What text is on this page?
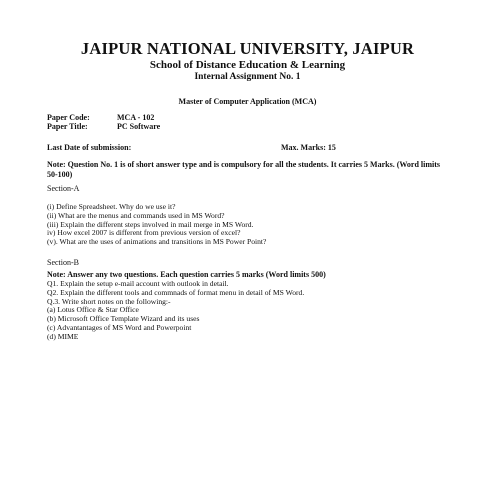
JAIPUR NATIONAL UNIVERSITY, JAIPUR
School of Distance Education & Learning
Internal Assignment No. 1
Master of Computer Application (MCA)
Paper Code:	MCA - 102
Paper Title:	PC Software
Last Date of submission:	Max. Marks: 15
Note: Question No. 1 is of short answer type and is compulsory for all the students. It carries 5 Marks. (Word limits 50-100)
Section-A
(i) Define Spreadsheet. Why do we use it?
(ii) What are the menus and commands used in MS Word?
(iii) Explain the different steps involved in mail merge in MS Word.
iv) How excel 2007 is different from previous version of excel?
(v). What are the uses of animations and transitions in MS Power Point?
Section-B
Note: Answer any two questions. Each question carries 5 marks (Word limits 500)
Q1. Explain the setup e-mail account with outlook in detail.
Q2. Explain the different tools and commnads of format menu in detail of MS Word.
Q.3. Write short notes on the following:-
(a) Lotus Office & Star Office
(b) Microsoft Office Template Wizard and its uses
(c) Advantantages of MS Word and Powerpoint
(d) MIME
